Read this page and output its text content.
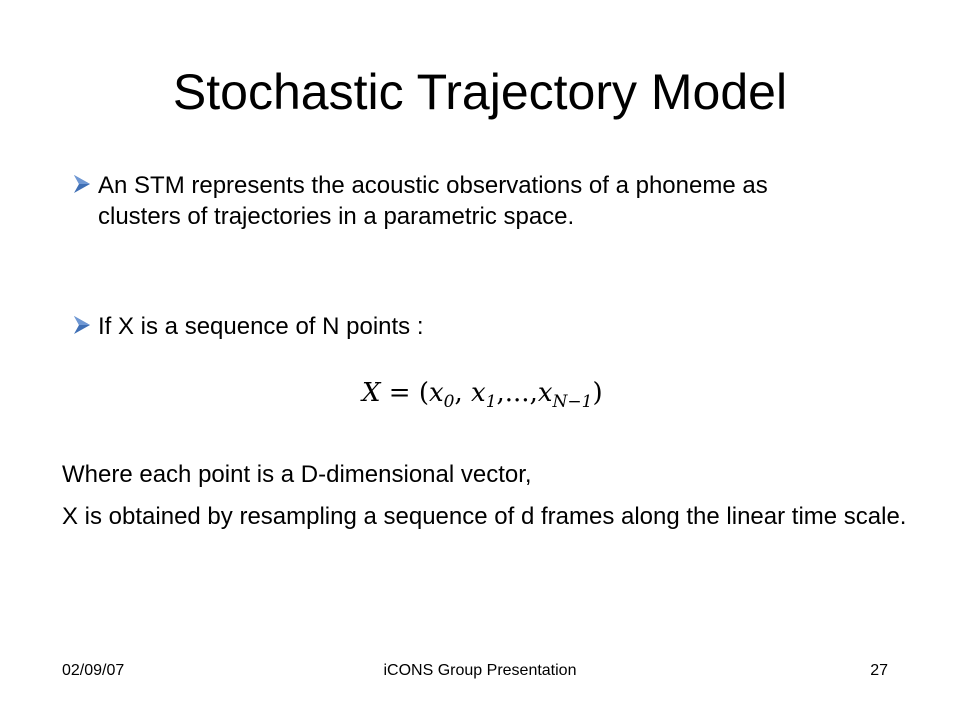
Stochastic Trajectory Model
An STM represents the acoustic observations of a phoneme as clusters of trajectories in a parametric space.
If X is a sequence of N points :
$X = (x_0$, $x_1,...,x_{N-1}$)
Where each point is a D-dimensional vector,
X is obtained by resampling a sequence of d frames along the linear time scale.
02/09/07	iCONS Group Presentation	27
